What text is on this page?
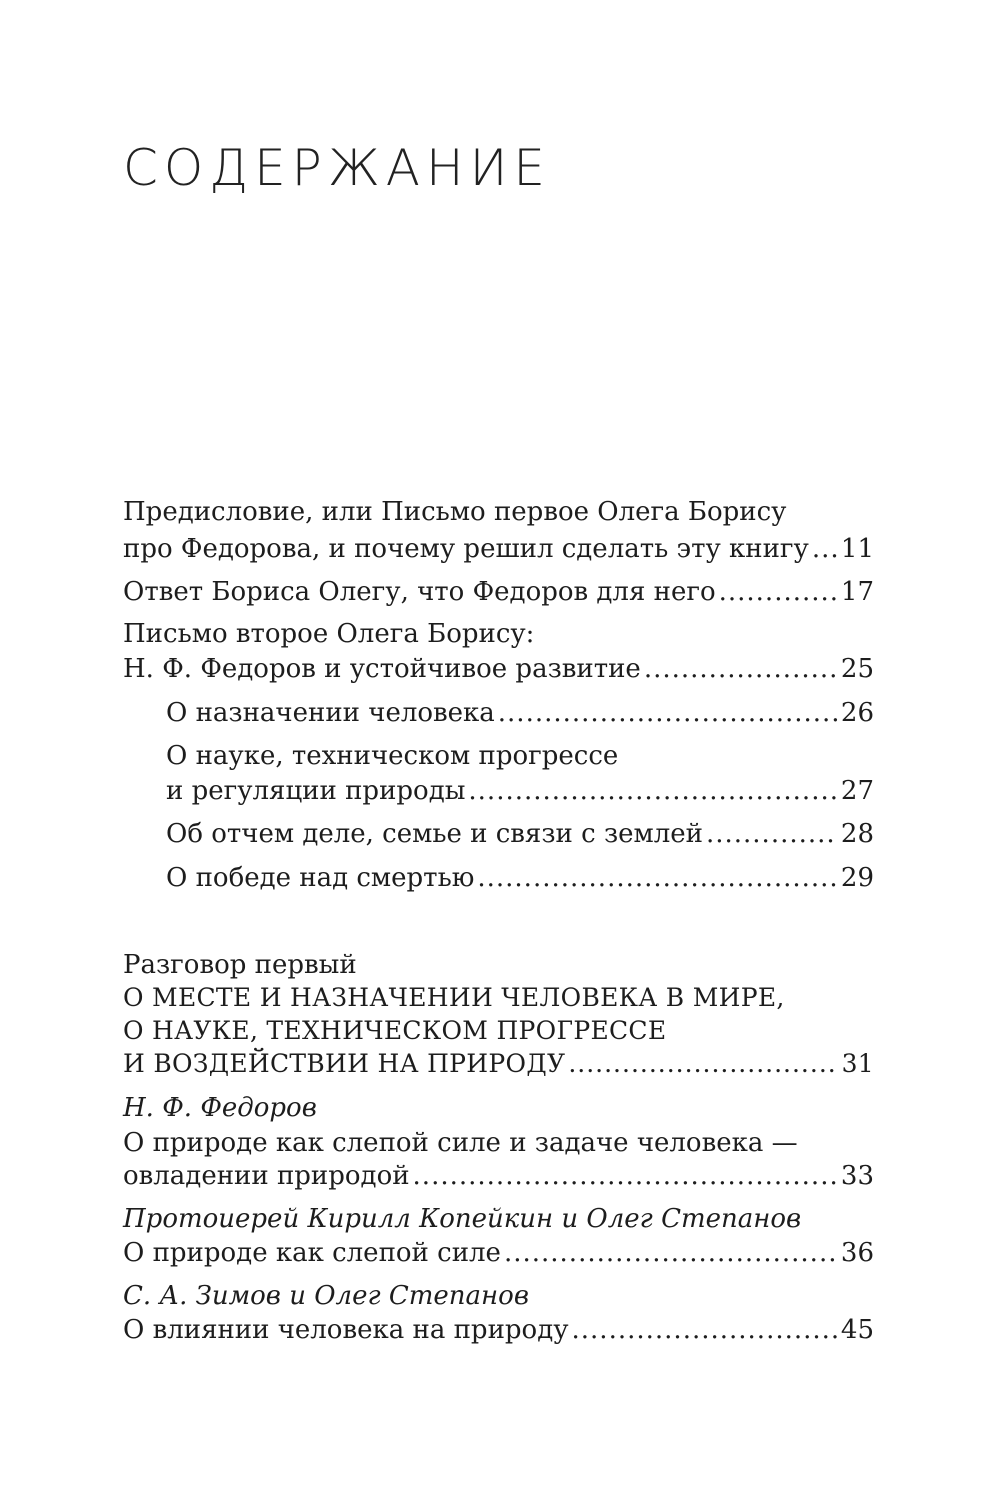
СОДЕРЖАНИЕ
Предисловие, или Письмо первое Олега Борису
про Федорова, и почему решил сделать эту книгу ..... 11
Ответ Бориса Олегу, что Федоров для него .....	17
Письмо второе Олега Борису:
Н. Ф. Федоров и устойчивое развитие .....	25
О назначении человека .....	26
О науке, техническом прогрессе
и регуляции природы .....	27
Об отчем деле, семье и связи с землей .....	28
О победе над смертью .....	29
Разговор первый
О МЕСТЕ И НАЗНАЧЕНИИ ЧЕЛОВЕКА В МИРЕ,
О НАУКЕ, ТЕХНИЧЕСКОМ ПРОГРЕССЕ
И ВОЗДЕЙСТВИИ НА ПРИРОДУ .....	31
Н. Ф. Федоров
О природе как слепой силе и задаче человека —
овладении природой .....	33
Протоиерей Кирилл Копейкин и Олег Степанов
О природе как слепой силе .....	36
С. А. Зимов и Олег Степанов
О влиянии человека на природу .....	45
